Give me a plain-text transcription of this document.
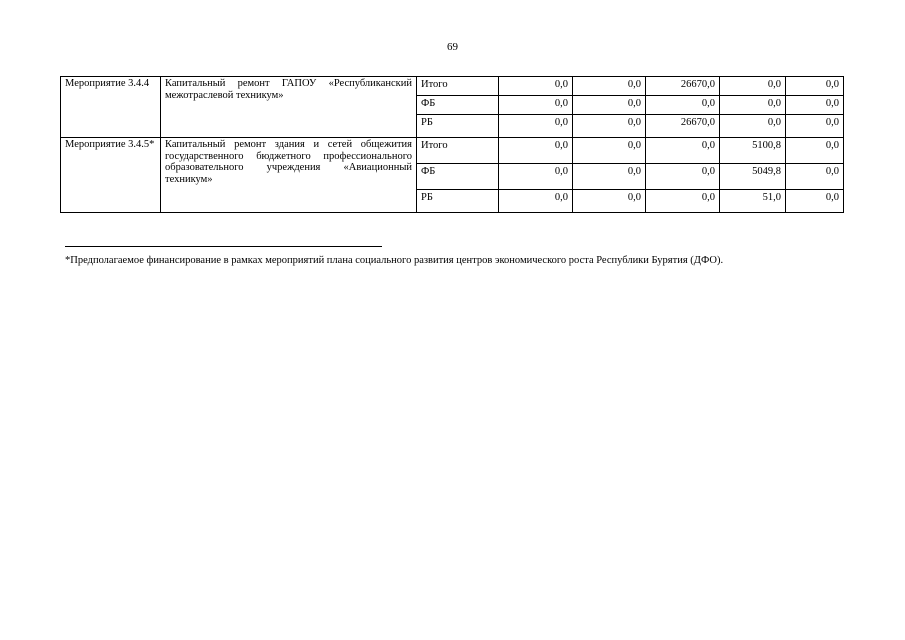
69
Мероприятие 3.4.4	Капитальный ремонт ГАПОУ «Республиканский межотраслевой техникум»	Итого	0,0	0,0	26670,0	0,0	0,0
		ФБ	0,0	0,0	0,0	0,0	0,0
		РБ	0,0	0,0	26670,0	0,0	0,0
Мероприятие 3.4.5*	Капитальный ремонт здания и сетей общежития государственного бюджетного профессионального образовательного учреждения «Авиационный техникум»	Итого	0,0	0,0	0,0	5100,8	0,0
		ФБ	0,0	0,0	0,0	5049,8	0,0
		РБ	0,0	0,0	0,0	51,0	0,0
*Предполагаемое финансирование в рамках мероприятий плана социального развития центров экономического роста Республики Бурятия (ДФО).
